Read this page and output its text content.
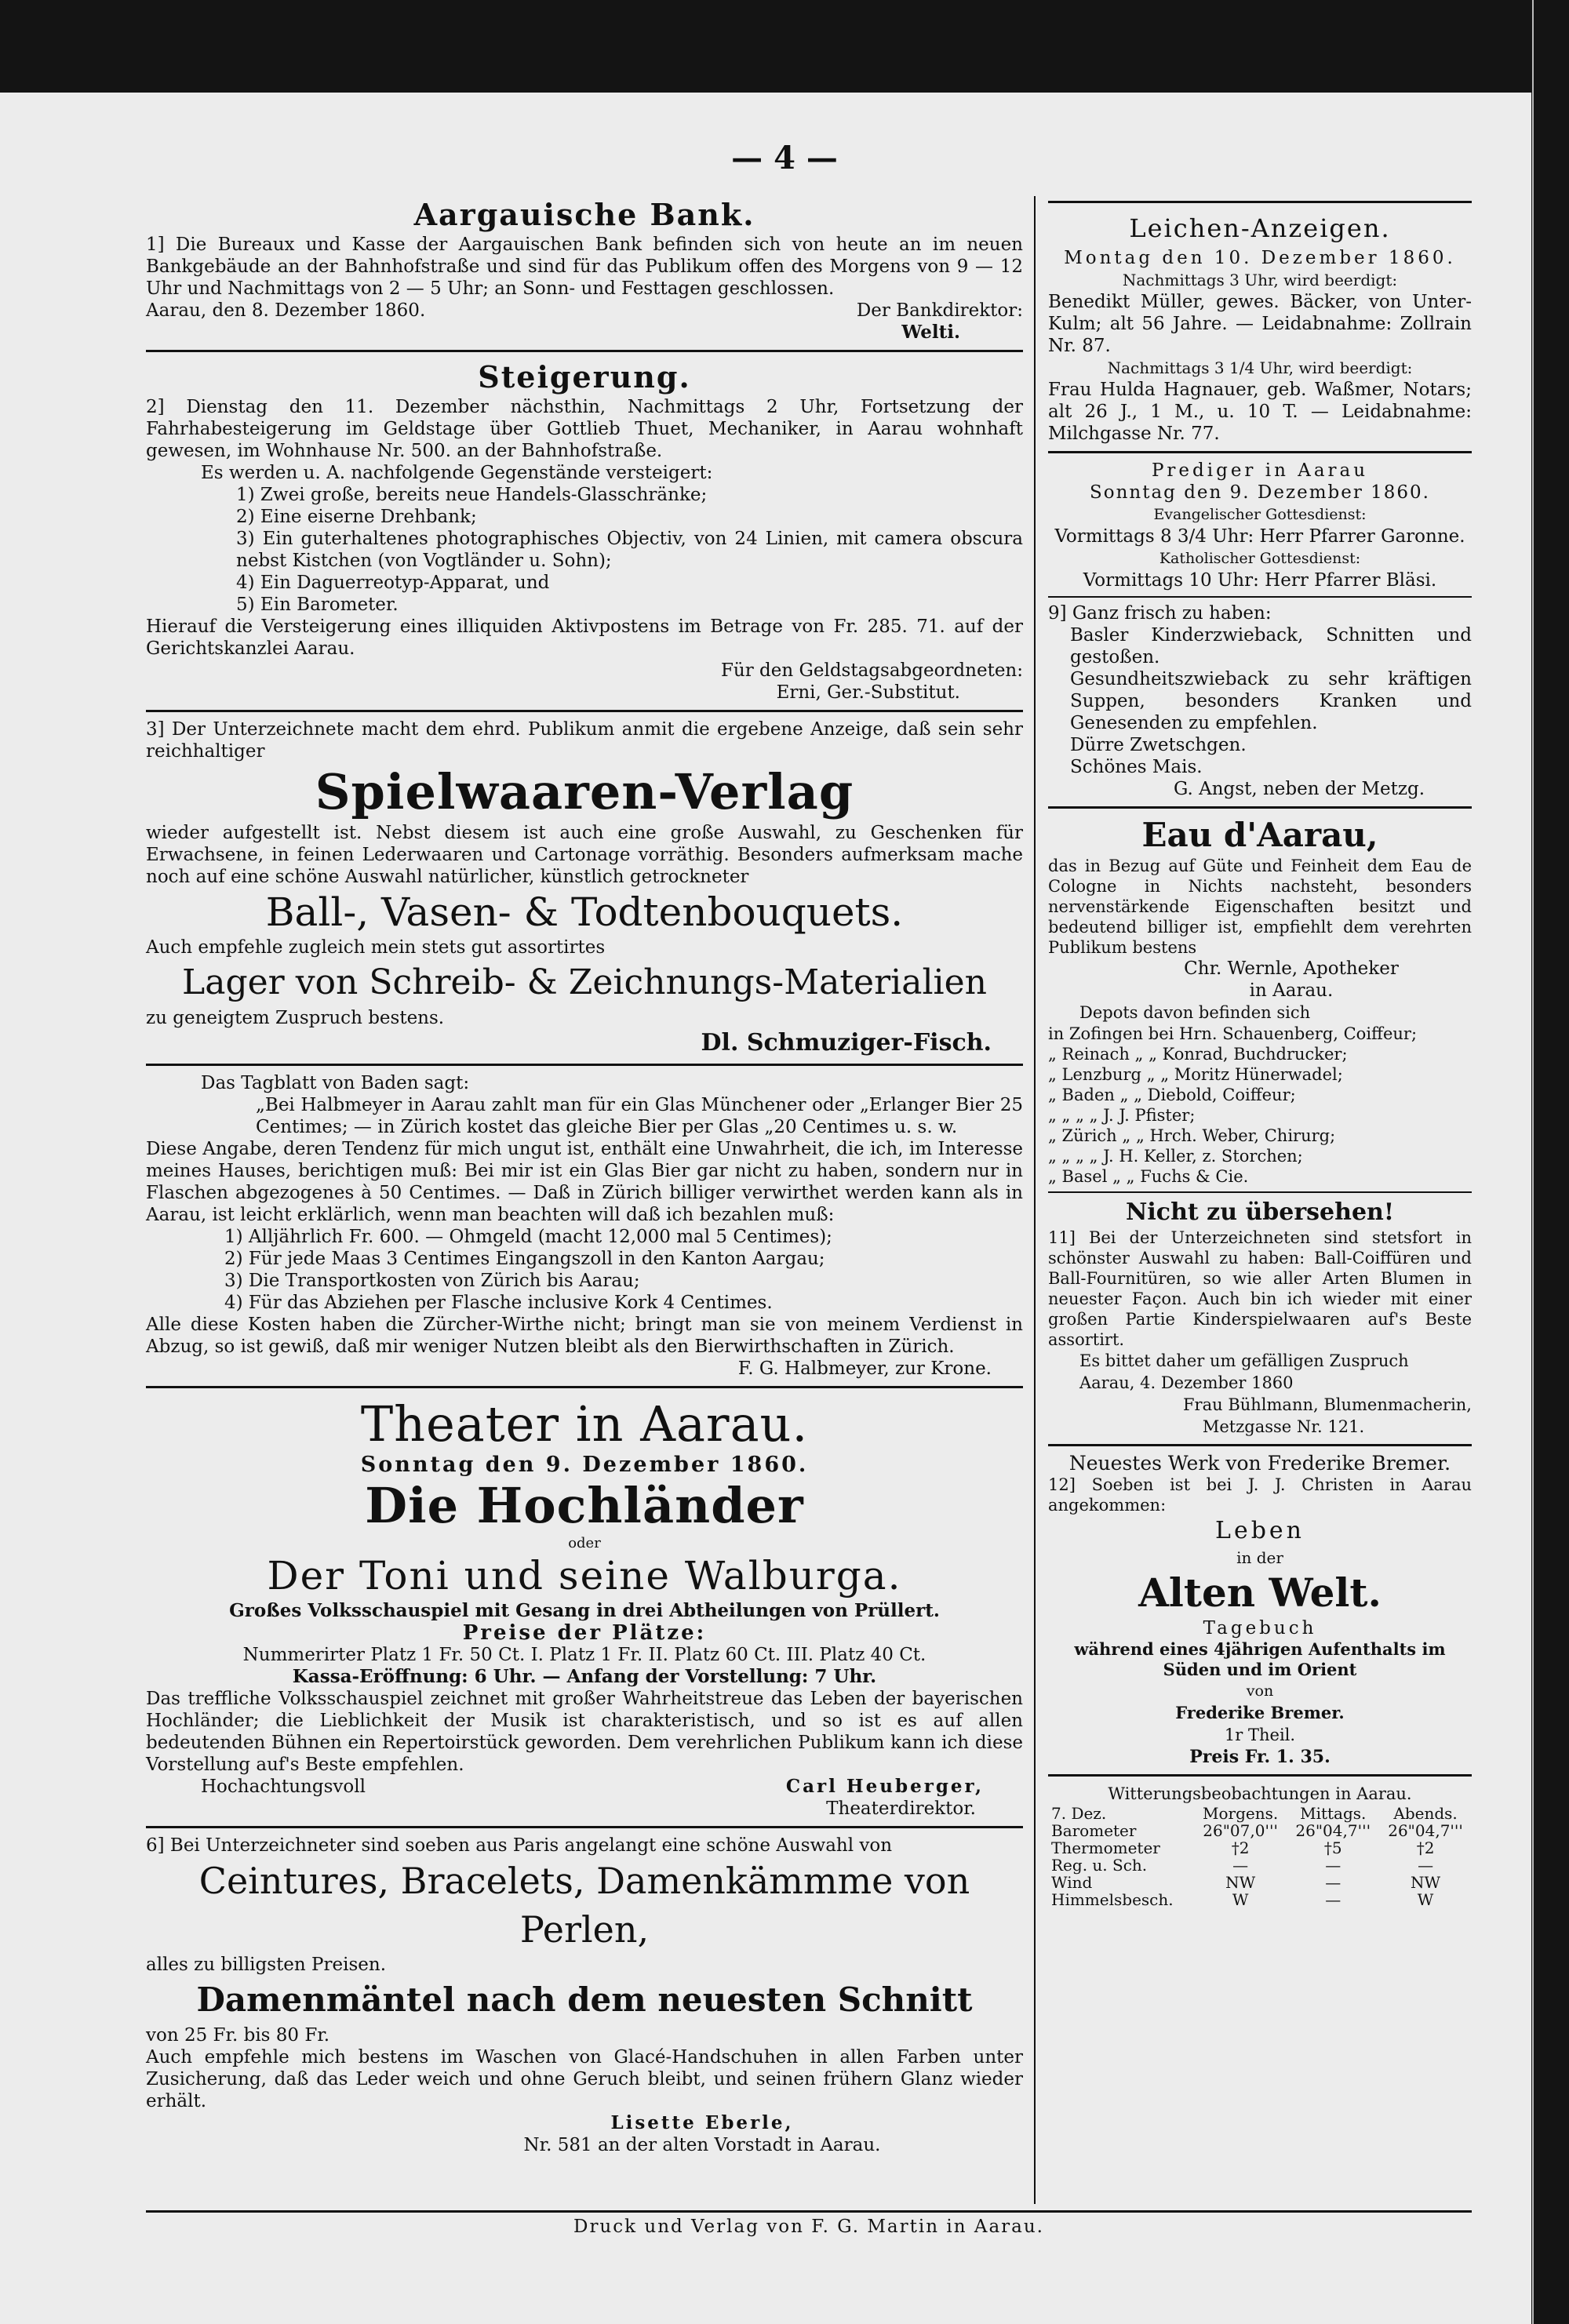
— 4 —

Aargauische Bank.

1] Die Bureaux und Kasse der Aargauischen Bank befinden sich von heute an im neuen Bankgebäude an der Bahnhofstraße und sind für das Publikum offen des Morgens von 9 — 12 Uhr und Nachmittags von 2 — 5 Uhr; an Sonn- und Festtagen geschlossen.

Aarau, den 8. Dezember 1860.	Der Bankdirektor:

Welti.

Steigerung.

2] Dienstag den 11. Dezember nächsthin, Nachmittags 2 Uhr, Fortsetzung der Fahrhabesteigerung im Geldstage über Gottlieb Thuet, Mechaniker, in Aarau wohnhaft gewesen, im Wohnhause Nr. 500. an der Bahnhofstraße.

Es werden u. A. nachfolgende Gegenstände versteigert:

1) Zwei große, bereits neue Handels-Glasschränke;

2) Eine eiserne Drehbank;

3) Ein guterhaltenes photographisches Objectiv, von 24 Linien, mit camera obscura nebst Kistchen (von Vogtländer u. Sohn);

4) Ein Daguerreotyp-Apparat, und

5) Ein Barometer.

Hierauf die Versteigerung eines illiquiden Aktivpostens im Betrage von Fr. 285. 71. auf der Gerichtskanzlei Aarau.

Für den Geldstagsabgeordneten:

Erni, Ger.-Substitut.

3] Der Unterzeichnete macht dem ehrd. Publikum anmit die ergebene Anzeige, daß sein sehr reichhaltiger

Spielwaaren-Verlag

wieder aufgestellt ist. Nebst diesem ist auch eine große Auswahl, zu Geschenken für Erwachsene, in feinen Lederwaaren und Cartonage vorräthig. Besonders aufmerksam mache noch auf eine schöne Auswahl natürlicher, künstlich getrockneter

Ball-, Vasen- & Todtenbouquets.

Auch empfehle zugleich mein stets gut assortirtes

Lager von Schreib- & Zeichnungs-Materialien

zu geneigtem Zuspruch bestens.

Dl. Schmuziger-Fisch.

Das Tagblatt von Baden sagt:

„Bei Halbmeyer in Aarau zahlt man für ein Glas Münchener oder „Erlanger Bier 25 Centimes; — in Zürich kostet das gleiche Bier per Glas „20 Centimes u. s. w.

Diese Angabe, deren Tendenz für mich ungut ist, enthält eine Unwahrheit, die ich, im Interesse meines Hauses, berichtigen muß: Bei mir ist ein Glas Bier gar nicht zu haben, sondern nur in Flaschen abgezogenes à 50 Centimes. — Daß in Zürich billiger verwirthet werden kann als in Aarau, ist leicht erklärlich, wenn man beachten will daß ich bezahlen muß:

1) Alljährlich Fr. 600. — Ohmgeld (macht 12,000 mal 5 Centimes);

2) Für jede Maas 3 Centimes Eingangszoll in den Kanton Aargau;

3) Die Transportkosten von Zürich bis Aarau;

4) Für das Abziehen per Flasche inclusive Kork 4 Centimes.

Alle diese Kosten haben die Zürcher-Wirthe nicht; bringt man sie von meinem Verdienst in Abzug, so ist gewiß, daß mir weniger Nutzen bleibt als den Bierwirthschaften in Zürich.

F. G. Halbmeyer, zur Krone.

Theater in Aarau.

Sonntag den 9. Dezember 1860.

Die Hochländer

oder

Der Toni und seine Walburga.

Großes Volksschauspiel mit Gesang in drei Abtheilungen von Prüllert.

Preise der Plätze:

Nummerirter Platz 1 Fr. 50 Ct. I. Platz 1 Fr. II. Platz 60 Ct. III. Platz 40 Ct.

Kassa-Eröffnung: 6 Uhr. — Anfang der Vorstellung: 7 Uhr.

Das treffliche Volksschauspiel zeichnet mit großer Wahrheitstreue das Leben der bayerischen Hochländer; die Lieblichkeit der Musik ist charakteristisch, und so ist es auf allen bedeutenden Bühnen ein Repertoirstück geworden. Dem verehrlichen Publikum kann ich diese Vorstellung auf's Beste empfehlen.

Hochachtungsvoll	Carl Heuberger,

Theaterdirektor.

6] Bei Unterzeichneter sind soeben aus Paris angelangt eine schöne Auswahl von

Ceintures, Bracelets, Damenkämmme von Perlen,

alles zu billigsten Preisen.

Damenmäntel nach dem neuesten Schnitt

von 25 Fr. bis 80 Fr.

Auch empfehle mich bestens im Waschen von Glacé-Handschuhen in allen Farben unter Zusicherung, daß das Leder weich und ohne Geruch bleibt, und seinen frühern Glanz wieder erhält.

Lisette Eberle,

Nr. 581 an der alten Vorstadt in Aarau.

Leichen-Anzeigen.

Montag den 10. Dezember 1860.

Nachmittags 3 Uhr, wird beerdigt:

Benedikt Müller, gewes. Bäcker, von Unter-Kulm; alt 56 Jahre. — Leidabnahme: Zollrain Nr. 87.

Nachmittags 3 1/4 Uhr, wird beerdigt:

Frau Hulda Hagnauer, geb. Waßmer, Notars; alt 26 J., 1 M., u. 10 T. — Leidabnahme: Milchgasse Nr. 77.

Prediger in Aarau

Sonntag den 9. Dezember 1860.

Evangelischer Gottesdienst:

Vormittags 8 3/4 Uhr: Herr Pfarrer Garonne.

Katholischer Gottesdienst:

Vormittags 10 Uhr: Herr Pfarrer Bläsi.

9] Ganz frisch zu haben:

Basler Kinderzwieback, Schnitten und gestoßen.

Gesundheitszwieback zu sehr kräftigen Suppen, besonders Kranken und Genesenden zu empfehlen.

Dürre Zwetschgen.

Schönes Mais.

G. Angst, neben der Metzg.

Eau d'Aarau,

das in Bezug auf Güte und Feinheit dem Eau de Cologne in Nichts nachsteht, besonders nervenstärkende Eigenschaften besitzt und bedeutend billiger ist, empfiehlt dem verehrten Publikum bestens

Chr. Wernle, Apotheker

in Aarau.

Depots davon befinden sich

in Zofingen bei Hrn. Schauenberg, Coiffeur;

„ Reinach „ „ Konrad, Buchdrucker;

„ Lenzburg „ „ Moritz Hünerwadel;

„ Baden „ „ Diebold, Coiffeur;

„ „ „ „ J. J. Pfister;

„ Zürich „ „ Hrch. Weber, Chirurg;

„ „ „ „ J. H. Keller, z. Storchen;

„ Basel „ „ Fuchs & Cie.

Nicht zu übersehen!

11] Bei der Unterzeichneten sind stetsfort in schönster Auswahl zu haben: Ball-Coiffüren und Ball-Fournitüren, so wie aller Arten Blumen in neuester Façon. Auch bin ich wieder mit einer großen Partie Kinderspielwaaren auf's Beste assortirt.

Es bittet daher um gefälligen Zuspruch

Aarau, 4. Dezember 1860

Frau Bühlmann, Blumenmacherin,

Metzgasse Nr. 121.

Neuestes Werk von Frederike Bremer.

12] Soeben ist bei J. J. Christen in Aarau angekommen:

Leben

in der

Alten Welt.

Tagebuch

während eines 4jährigen Aufenthalts im Süden und im Orient

von

Frederike Bremer.

1r Theil.

Preis Fr. 1. 35.

Witterungsbeobachtungen in Aarau.

7. Dez.	Morgens.	Mittags.	Abends.
Barometer	26"07,0'''	26"04,7'''	26"04,7'''
Thermometer	†2	†5	†2
Reg. u. Sch.	—	—	—
Wind	NW	—	NW
Himmelsbesch.	W	—	W
Druck und Verlag von F. G. Martin in Aarau.
